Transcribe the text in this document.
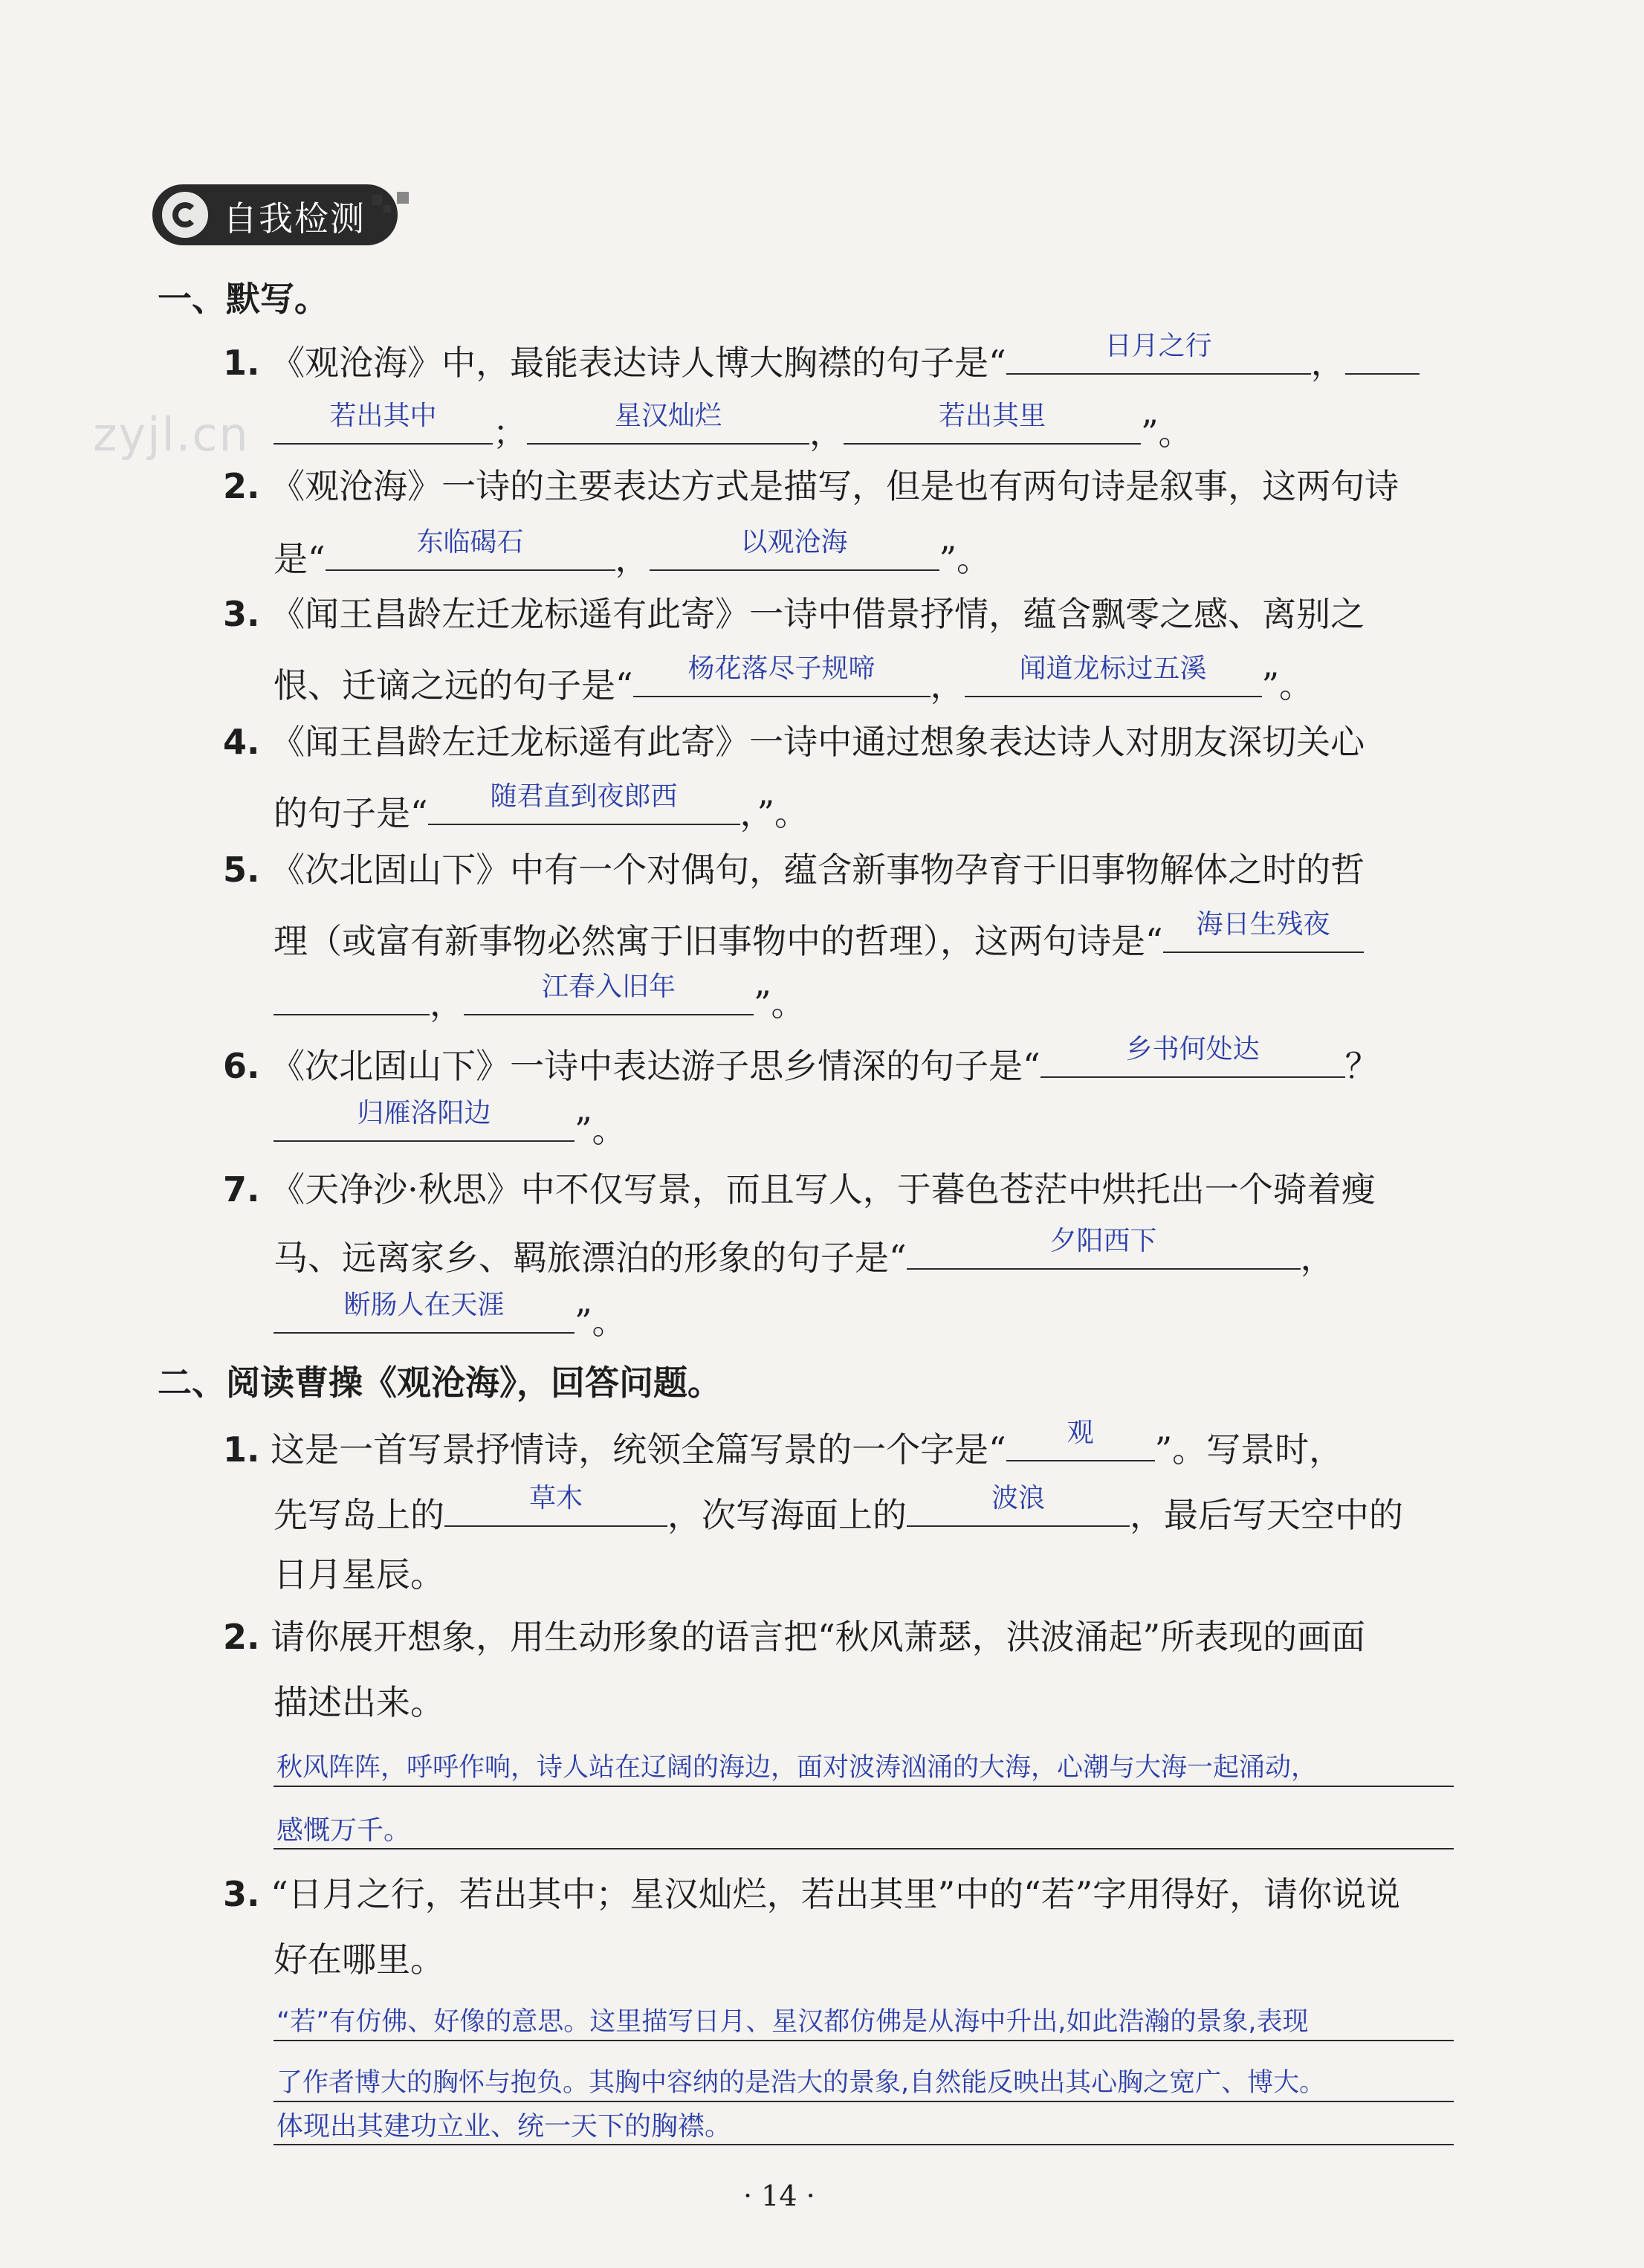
自我检测
zyjl.cn
一、默写。
1. 《观沧海》中，最能表达诗人博大胸襟的句子是“	日月之行	，
若出其中	；	星汉灿烂	，	若出其里	”。
2. 《观沧海》一诗的主要表达方式是描写，但是也有两句诗是叙事，这两句诗
是“	东临碣石	，	以观沧海	”。
3. 《闻王昌龄左迁龙标遥有此寄》一诗中借景抒情，蕴含飘零之感、离别之
恨、迁谪之远的句子是“	杨花落尽子规啼	，	闻道龙标过五溪	”。
4. 《闻王昌龄左迁龙标遥有此寄》一诗中通过想象表达诗人对朋友深切关心
的句子是“	随君直到夜郎西	，”。
5. 《次北固山下》中有一个对偶句，蕴含新事物孕育于旧事物解体之时的哲
理（或富有新事物必然寓于旧事物中的哲理），这两句诗是“	海日生残夜
，	江春入旧年	”。
6. 《次北固山下》一诗中表达游子思乡情深的句子是“	乡书何处达	？
归雁洛阳边	”。
7. 《天净沙·秋思》中不仅写景，而且写人，于暮色苍茫中烘托出一个骑着瘦
马、远离家乡、羁旅漂泊的形象的句子是“	夕阳西下	，
断肠人在天涯	”。
二、阅读曹操《观沧海》，回答问题。
1. 这是一首写景抒情诗，统领全篇写景的一个字是“	观	”。写景时，
先写岛上的	草木	，次写海面上的	波浪	，最后写天空中的
日月星辰。
2. 请你展开想象，用生动形象的语言把“秋风萧瑟，洪波涌起”所表现的画面
描述出来。
秋风阵阵，呼呼作响，诗人站在辽阔的海边，面对波涛汹涌的大海，心潮与大海一起涌动，
感慨万千。
3. “日月之行，若出其中；星汉灿烂，若出其里”中的“若”字用得好，请你说说
好在哪里。
“若”有仿佛、好像的意思。这里描写日月、星汉都仿佛是从海中升出,如此浩瀚的景象,表现
了作者博大的胸怀与抱负。其胸中容纳的是浩大的景象,自然能反映出其心胸之宽广、博大。
体现出其建功立业、统一天下的胸襟。
· 14 ·
